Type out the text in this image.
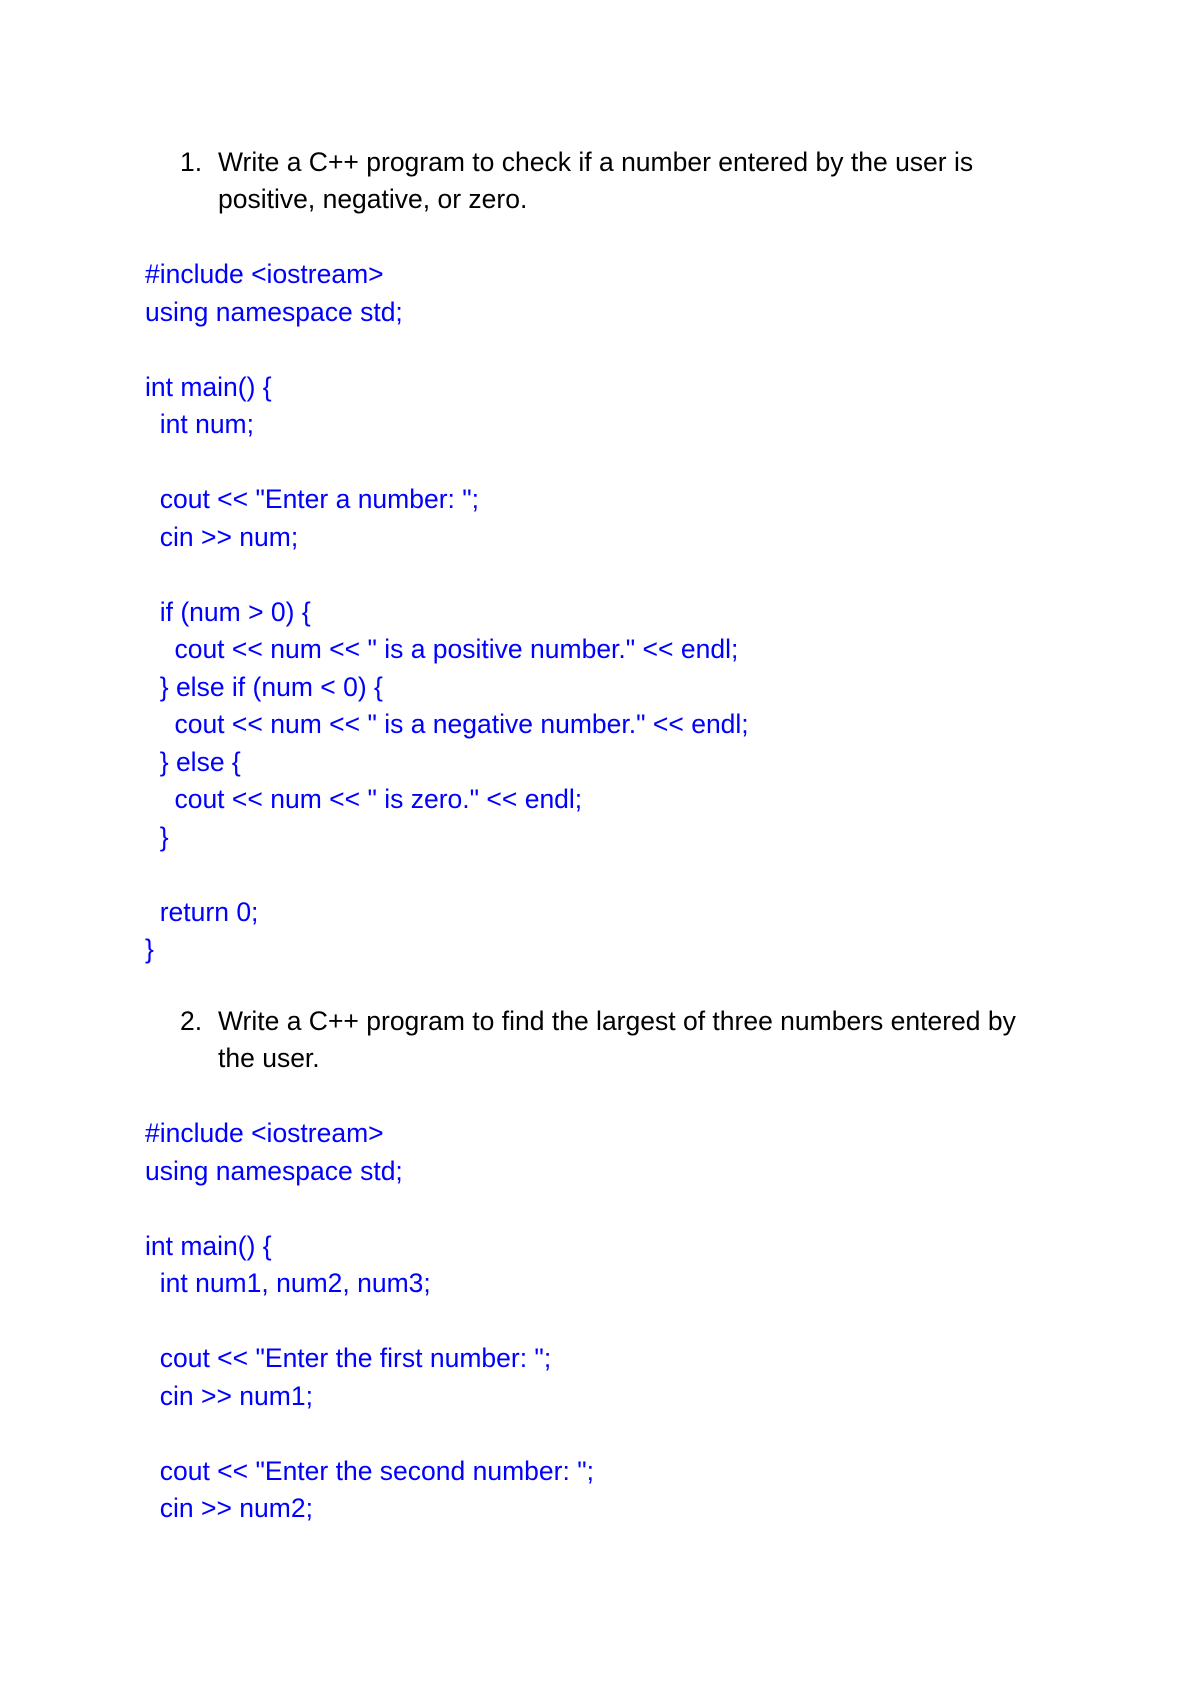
1. Write a C++ program to check if a number entered by the user is positive, negative, or zero.
#include <iostream>
using namespace std;
int main() {
int num;
cout << "Enter a number: ";
cin >> num;
if (num > 0) {
cout << num << " is a positive number." << endl;
} else if (num < 0) {
cout << num << " is a negative number." << endl;
} else {
cout << num << " is zero." << endl;
}
return 0;
}
2. Write a C++ program to find the largest of three numbers entered by the user.
#include <iostream>
using namespace std;
int main() {
int num1, num2, num3;
cout << "Enter the first number: ";
cin >> num1;
cout << "Enter the second number: ";
cin >> num2;
